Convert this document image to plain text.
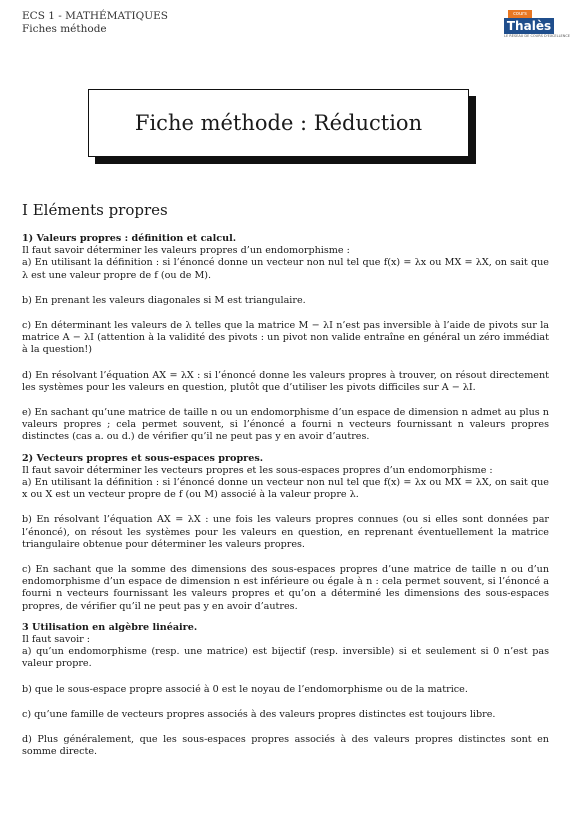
ECS 1 - MATHÉMATIQUES
Fiches méthode
cours
Thalès
LE RÉSEAU DE COURS D'EXCELLENCE
Fiche méthode : Réduction
I Eléments propres
1) Valeurs propres : définition et calcul.

Il faut savoir déterminer les valeurs propres d’un endomorphisme :

a) En utilisant la définition : si l’énoncé donne un vecteur non nul tel que f(x) = λx ou MX = λX, on sait que λ est une valeur propre de f (ou de M).

b) En prenant les valeurs diagonales si M est triangulaire.

c) En déterminant les valeurs de λ telles que la matrice M − λI n’est pas inversible à l’aide de pivots sur la matrice A − λI (attention à la validité des pivots : un pivot non valide entraîne en général un zéro immédiat à la question!)

d) En résolvant l’équation AX = λX : si l’énoncé donne les valeurs propres à trouver, on résout directement les systèmes pour les valeurs en question, plutôt que d’utiliser les pivots difficiles sur A − λI.

e) En sachant qu’une matrice de taille n ou un endomorphisme d’un espace de dimension n admet au plus n valeurs propres ; cela permet souvent, si l’énoncé a fourni n vecteurs fournissant n valeurs propres distinctes (cas a. ou d.) de vérifier qu’il ne peut pas y en avoir d’autres.

2) Vecteurs propres et sous-espaces propres.

Il faut savoir déterminer les vecteurs propres et les sous-espaces propres d’un endomorphisme :

a) En utilisant la définition : si l’énoncé donne un vecteur non nul tel que f(x) = λx ou MX = λX, on sait que x ou X est un vecteur propre de f (ou M) associé à la valeur propre λ.

b) En résolvant l’équation AX = λX : une fois les valeurs propres connues (ou si elles sont données par l’énoncé), on résout les systèmes pour les valeurs en question, en reprenant éventuellement la matrice triangulaire obtenue pour déterminer les valeurs propres.

c) En sachant que la somme des dimensions des sous-espaces propres d’une matrice de taille n ou d’un endomorphisme d’un espace de dimension n est inférieure ou égale à n : cela permet souvent, si l’énoncé a fourni n vecteurs fournissant les valeurs propres et qu’on a déterminé les dimensions des sous-espaces propres, de vérifier qu’il ne peut pas y en avoir d’autres.

3 Utilisation en algèbre linéaire.

Il faut savoir :

a) qu’un endomorphisme (resp. une matrice) est bijectif (resp. inversible) si et seulement si 0 n’est pas valeur propre.

b) que le sous-espace propre associé à 0 est le noyau de l’endomorphisme ou de la matrice.

c) qu’une famille de vecteurs propres associés à des valeurs propres distinctes est toujours libre.

d) Plus généralement, que les sous-espaces propres associés à des valeurs propres distinctes sont en somme directe.
